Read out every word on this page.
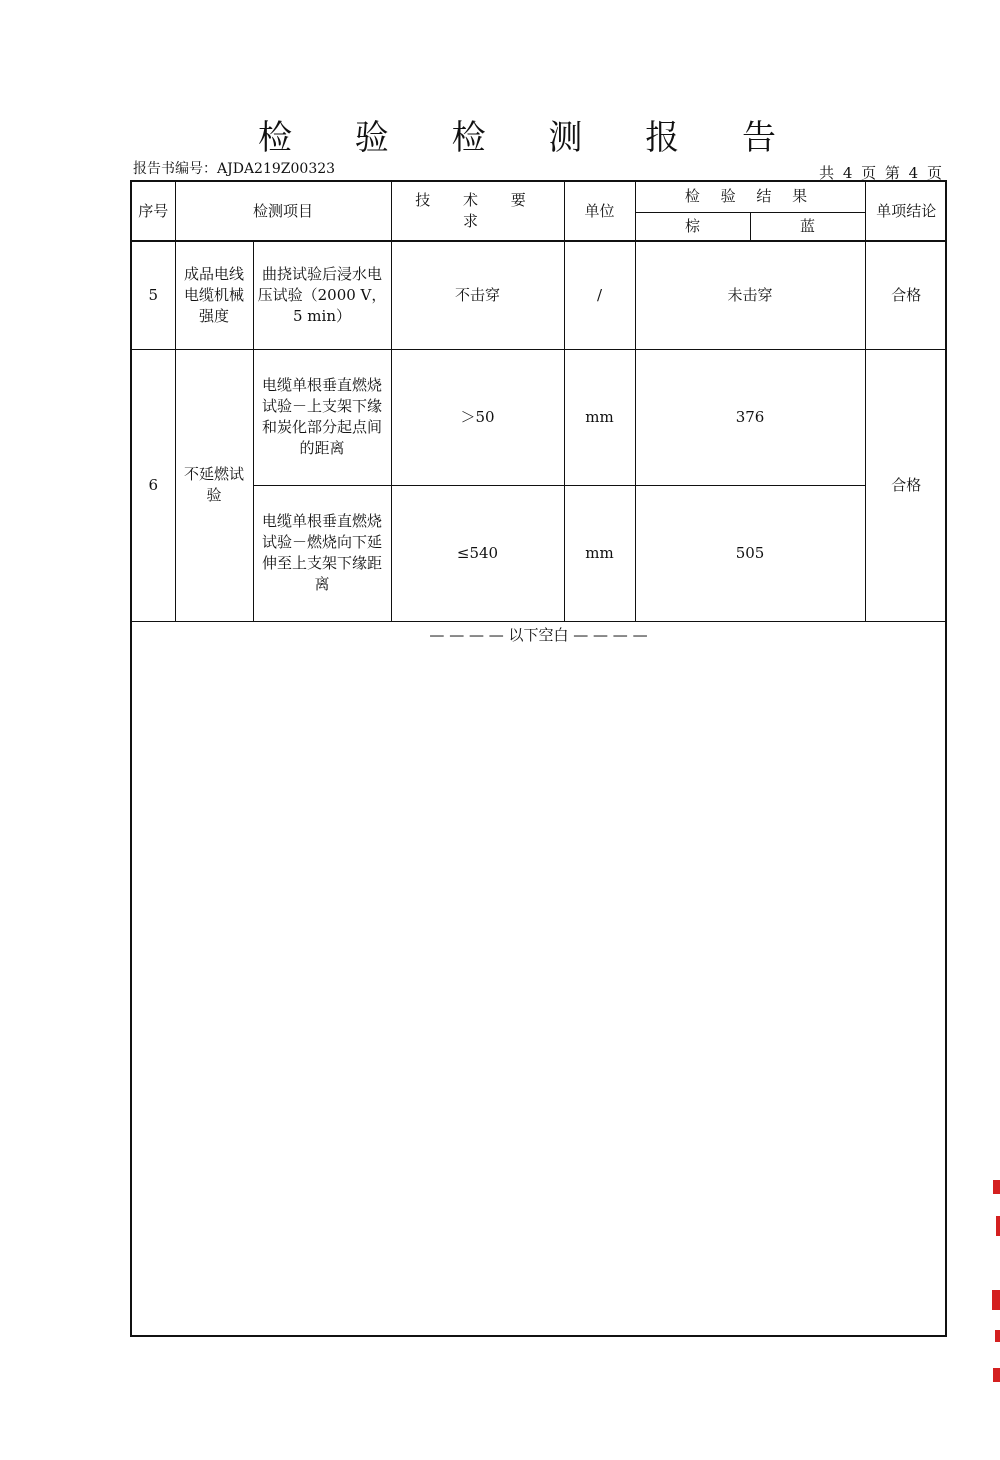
检 验 检 测 报 告
报告书编号：AJDA219Z00323	共 4 页 第 4 页
序号	检测项目		技 术 要 求	单位	检 验 结 果		单项结论
					棕	蓝	
5	成品电线电缆机械强度	曲挠试验后浸水电压试验（2000 V，5 min）	不击穿	/	未击穿		合格
6	不延燃试验	电缆单根垂直燃烧试验－上支架下缘和炭化部分起点间的距离	＞50	mm	376		合格
		电缆单根垂直燃烧试验－燃烧向下延伸至上支架下缘距离	≤540	mm	505		
— — — — 以下空白 — — — —
